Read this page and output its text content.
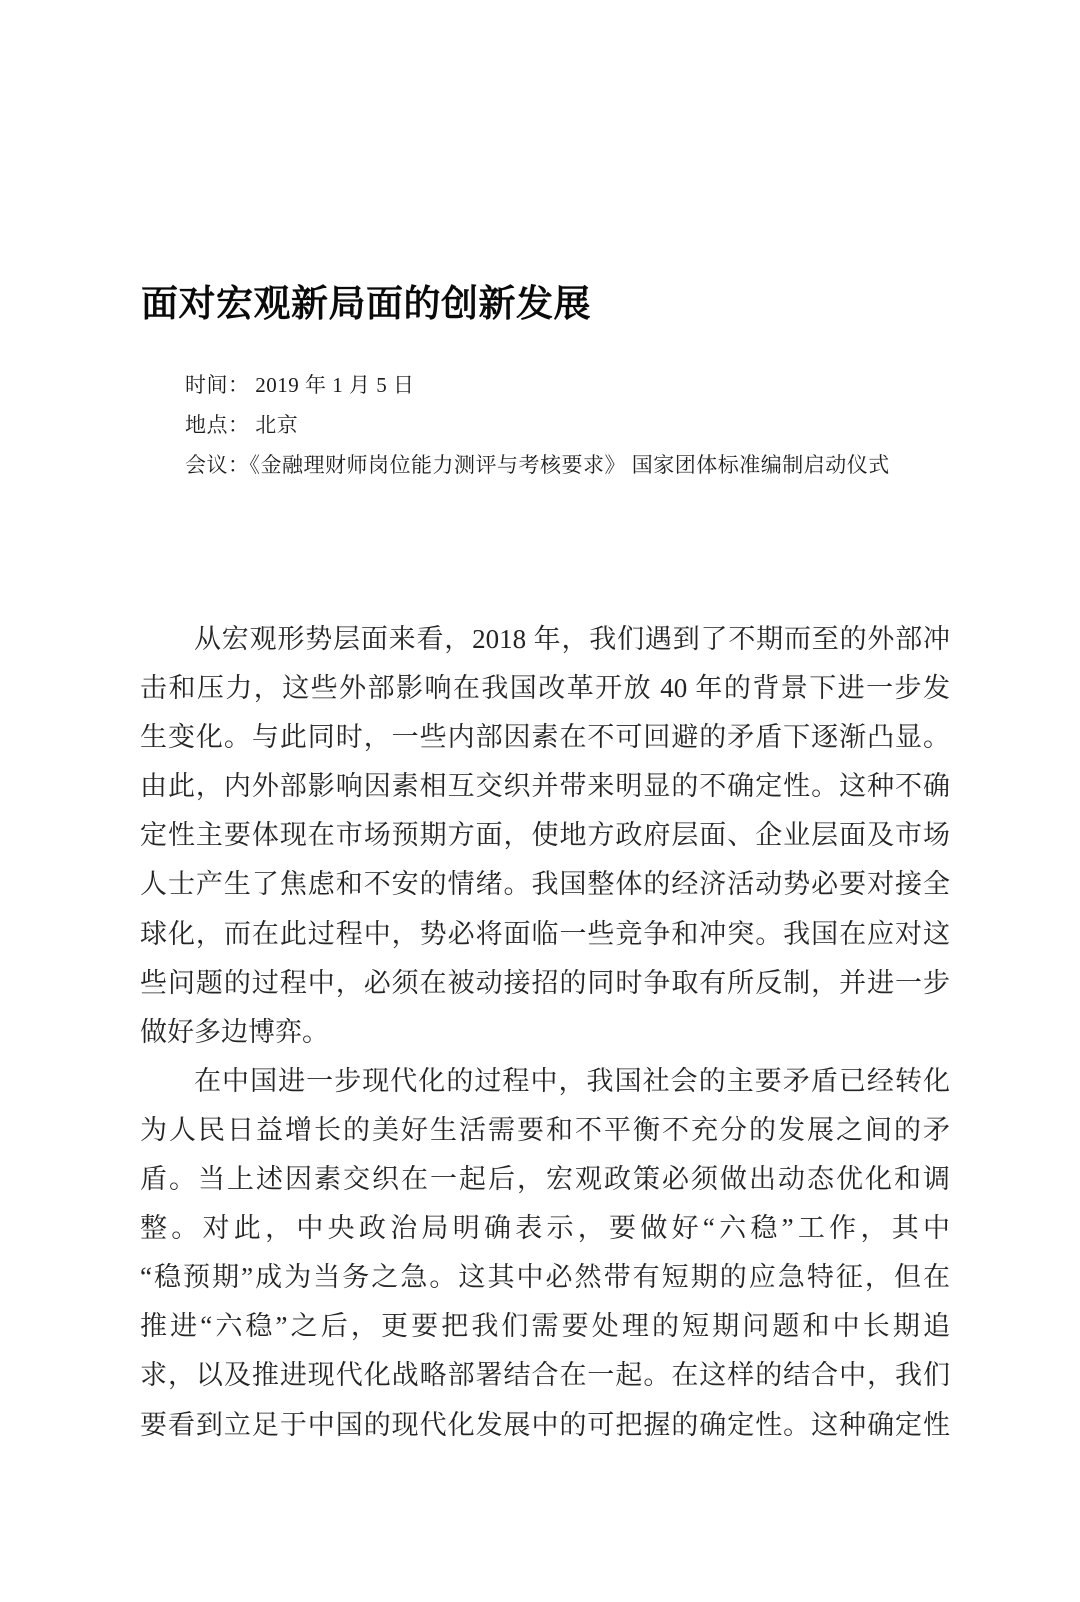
面对宏观新局面的创新发展
时间： 2019 年 1 月 5 日
地点： 北京
会议：《金融理财师岗位能力测评与考核要求》 国家团体标准编制启动仪式
从宏观形势层面来看，2018 年，我们遇到了不期而至的外部冲
击和压力，这些外部影响在我国改革开放 40 年的背景下进一步发
生变化。与此同时，一些内部因素在不可回避的矛盾下逐渐凸显。
由此，内外部影响因素相互交织并带来明显的不确定性。这种不确
定性主要体现在市场预期方面，使地方政府层面、企业层面及市场
人士产生了焦虑和不安的情绪。我国整体的经济活动势必要对接全
球化，而在此过程中，势必将面临一些竞争和冲突。我国在应对这
些问题的过程中，必须在被动接招的同时争取有所反制，并进一步
做好多边博弈。
在中国进一步现代化的过程中，我国社会的主要矛盾已经转化
为人民日益增长的美好生活需要和不平衡不充分的发展之间的矛
盾。当上述因素交织在一起后，宏观政策必须做出动态优化和调
整。对此，中央政治局明确表示，要做好“六稳”工作，其中
“稳预期”成为当务之急。这其中必然带有短期的应急特征，但在
推进“六稳”之后，更要把我们需要处理的短期问题和中长期追
求，以及推进现代化战略部署结合在一起。在这样的结合中，我们
要看到立足于中国的现代化发展中的可把握的确定性。这种确定性
